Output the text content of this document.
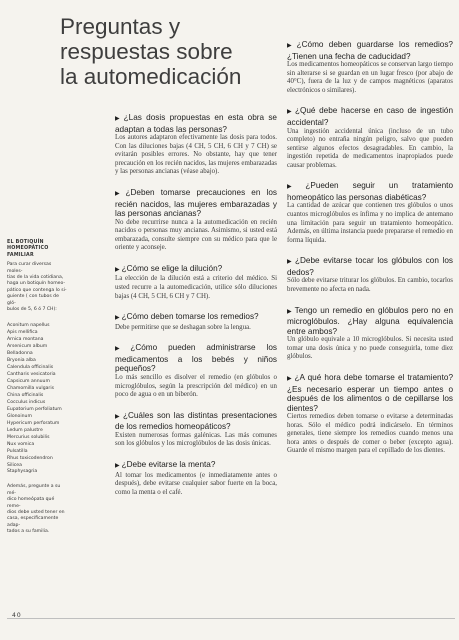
Preguntas y
respuestas sobre
la automedicación
EL BOTIQUÍN
HOMEOPÁTICO FAMILIAR
Para curar diversas moles-
tias de la vida cotidiana,
haga un botiquín homeo-
pático que contenga lo si-
guiente ( con tubos de gló-
bulos de 5, 6 ó 7 CH):
Aconitum napellus
Apis mellifica
Arnica montana
Arsenicum album
Belladonna
Bryonia alba
Calendula officinalis
Cantharis vesicatoria
Capsicum annuum
Chamomilla vulgaris
China officinalis
Cocculus indicus
Eupatorium perfoliatum
Glonoinum
Hypericum perforatum
Ledum palustre
Mercurius solubilis
Nux vomica
Pulsatilla
Rhus toxicodendron
Silicea
Staphysagria
Además, pregunte a su mé-
dico homeópata qué reme-
dios debe usted tener en
casa, específicamente adap-
tados a su familia.

▶ ¿Las dosis propuestas en esta obra se adaptan a todas las personas?

Los autores adaptaron efectivamente las dosis para todos. Con las diluciones bajas (4 CH, 5 CH, 6 CH y 7 CH) se evitarán posibles errores. No obstante, hay que tener precaución en los recién nacidos, las mujeres embarazadas y las personas ancianas (véase abajo).

▶ ¿Deben tomarse precauciones en los recién nacidos, las mujeres embarazadas y las personas ancianas?

No debe recurrirse nunca a la automedicación en recién nacidos o personas muy ancianas. Asimismo, si usted está embarazada, consulte siempre con su médico para que le oriente y aconseje.

▶ ¿Cómo se elige la dilución?

La elección de la dilución está a criterio del médico. Si usted recurre a la automedicación, utilice sólo diluciones bajas (4 CH, 5 CH, 6 CH y 7 CH).

▶ ¿Cómo deben tomarse los remedios?

Debe permitirse que se deshagan sobre la lengua.

▶ ¿Cómo pueden administrarse los medicamentos a los bebés y niños pequeños?

Lo más sencillo es disolver el remedio (en glóbulos o microglóbulos, según la prescripción del médico) en un poco de agua o en un biberón.

▶ ¿Cuáles son las distintas presentaciones de los remedios homeopáticos?

Existen numerosas formas galénicas. Las más comunes son los glóbulos y los microglóbulos de las dosis únicas.

▶ ¿Debe evitarse la menta?

Al tomar los medicamentos (e inmediatamente antes o después), debe evitarse cualquier sabor fuerte en la boca, como la menta o el café.

▶ ¿Cómo deben guardarse los remedios? ¿Tienen una fecha de caducidad?

Los medicamentos homeopáticos se conservan largo tiempo sin alterarse si se guardan en un lugar fresco (por abajo de 40°C), fuera de la luz y de campos magnéticos (aparatos electrónicos o similares).

▶ ¿Qué debe hacerse en caso de ingestión accidental?

Una ingestión accidental única (incluso de un tubo completo) no entraña ningún peligro, salvo que pueden sentirse algunos efectos desagradables. En cambio, la ingestión repetida de medicamentos inapropiados puede causar problemas.

▶ ¿Pueden seguir un tratamiento homeopático las personas diabéticas?

La cantidad de azúcar que contienen tres glóbulos o unos cuantos microglóbulos es ínfima y no implica de antemano una limitación para seguir un tratamiento homeopático. Además, en última instancia puede prepararse el remedio en forma líquida.

▶ ¿Debe evitarse tocar los glóbulos con los dedos?

Sólo debe evitarse triturar los glóbulos. En cambio, tocarlos brevemente no afecta en nada.

▶ Tengo un remedio en glóbulos pero no en microglóbulos. ¿Hay alguna equivalencia entre ambos?

Un glóbulo equivale a 10 microglóbulos. Si necesita usted tomar una dosis única y no puede conseguirla, tome diez glóbulos.

▶ ¿A qué hora debe tomarse el tratamiento? ¿Es necesario esperar un tiempo antes o después de los alimentos o de cepillarse los dientes?

Ciertos remedios deben tomarse o evitarse a determinadas horas. Sólo el médico podrá indicárselo. En términos generales, tiene siempre los remedios cuando menos una hora antes o después de comer o beber (excepto agua). Guarde el mismo margen para el cepillado de los dientes.

40
